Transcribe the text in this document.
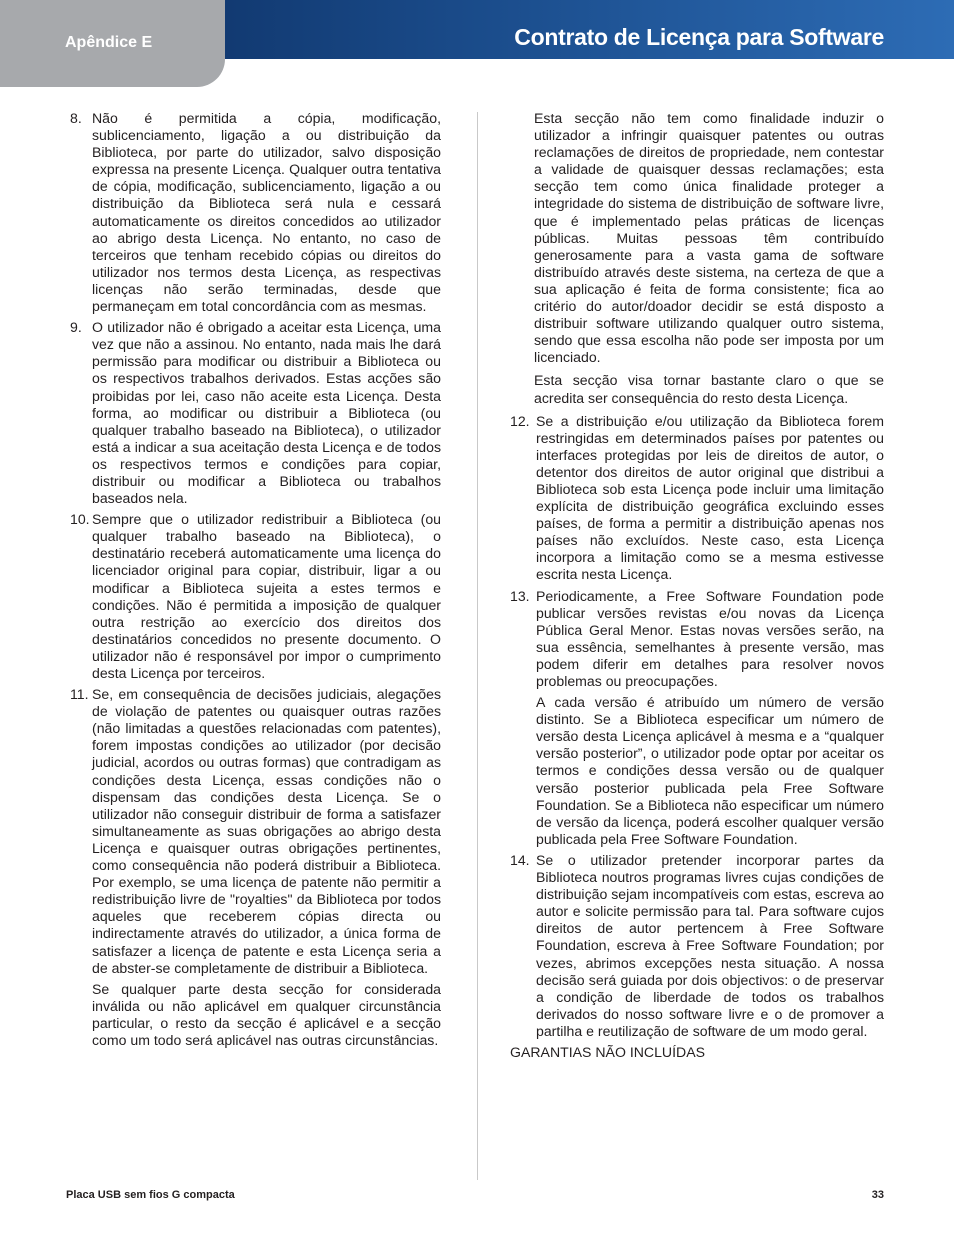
Apêndice E	Contrato de Licença para Software
8. Não é permitida a cópia, modificação, sublicenciamento, ligação a ou distribuição da Biblioteca, por parte do utilizador, salvo disposição expressa na presente Licença. Qualquer outra tentativa de cópia, modificação, sublicenciamento, ligação a ou distribuição da Biblioteca será nula e cessará automaticamente os direitos concedidos ao utilizador ao abrigo desta Licença. No entanto, no caso de terceiros que tenham recebido cópias ou direitos do utilizador nos termos desta Licença, as respectivas licenças não serão terminadas, desde que permaneçam em total concordância com as mesmas.

9. O utilizador não é obrigado a aceitar esta Licença, uma vez que não a assinou. No entanto, nada mais lhe dará permissão para modificar ou distribuir a Biblioteca ou os respectivos trabalhos derivados. Estas acções são proibidas por lei, caso não aceite esta Licença. Desta forma, ao modificar ou distribuir a Biblioteca (ou qualquer trabalho baseado na Biblioteca), o utilizador está a indicar a sua aceitação desta Licença e de todos os respectivos termos e condições para copiar, distribuir ou modificar a Biblioteca ou trabalhos baseados nela.

10. Sempre que o utilizador redistribuir a Biblioteca (ou qualquer trabalho baseado na Biblioteca), o destinatário receberá automaticamente uma licença do licenciador original para copiar, distribuir, ligar a ou modificar a Biblioteca sujeita a estes termos e condições. Não é permitida a imposição de qualquer outra restrição ao exercício dos direitos dos destinatários concedidos no presente documento. O utilizador não é responsável por impor o cumprimento desta Licença por terceiros.

11. Se, em consequência de decisões judiciais, alegações de violação de patentes ou quaisquer outras razões (não limitadas a questões relacionadas com patentes), forem impostas condições ao utilizador (por decisão judicial, acordos ou outras formas) que contradigam as condições desta Licença, essas condições não o dispensam das condições desta Licença. Se o utilizador não conseguir distribuir de forma a satisfazer simultaneamente as suas obrigações ao abrigo desta Licença e quaisquer outras obrigações pertinentes, como consequência não poderá distribuir a Biblioteca. Por exemplo, se uma licença de patente não permitir a redistribuição livre de "royalties" da Biblioteca por todos aqueles que receberem cópias directa ou indirectamente através do utilizador, a única forma de satisfazer a licença de patente e esta Licença seria a de abster-se completamente de distribuir a Biblioteca.

Se qualquer parte desta secção for considerada inválida ou não aplicável em qualquer circunstância particular, o resto da secção é aplicável e a secção como um todo será aplicável nas outras circunstâncias.

Esta secção não tem como finalidade induzir o utilizador a infringir quaisquer patentes ou outras reclamações de direitos de propriedade, nem contestar a validade de quaisquer dessas reclamações; esta secção tem como única finalidade proteger a integridade do sistema de distribuição de software livre, que é implementado pelas práticas de licenças públicas. Muitas pessoas têm contribuído generosamente para a vasta gama de software distribuído através deste sistema, na certeza de que a sua aplicação é feita de forma consistente; fica ao critério do autor/doador decidir se está disposto a distribuir software utilizando qualquer outro sistema, sendo que essa escolha não pode ser imposta por um licenciado.

Esta secção visa tornar bastante claro o que se acredita ser consequência do resto desta Licença.

12. Se a distribuição e/ou utilização da Biblioteca forem restringidas em determinados países por patentes ou interfaces protegidas por leis de direitos de autor, o detentor dos direitos de autor original que distribui a Biblioteca sob esta Licença pode incluir uma limitação explícita de distribuição geográfica excluindo esses países, de forma a permitir a distribuição apenas nos países não excluídos. Neste caso, esta Licença incorpora a limitação como se a mesma estivesse escrita nesta Licença.

13. Periodicamente, a Free Software Foundation pode publicar versões revistas e/ou novas da Licença Pública Geral Menor. Estas novas versões serão, na sua essência, semelhantes à presente versão, mas podem diferir em detalhes para resolver novos problemas ou preocupações.

A cada versão é atribuído um número de versão distinto. Se a Biblioteca especificar um número de versão desta Licença aplicável à mesma e a “qualquer versão posterior”, o utilizador pode optar por aceitar os termos e condições dessa versão ou de qualquer versão posterior publicada pela Free Software Foundation. Se a Biblioteca não especificar um número de versão da licença, poderá escolher qualquer versão publicada pela Free Software Foundation.

14. Se o utilizador pretender incorporar partes da Biblioteca noutros programas livres cujas condições de distribuição sejam incompatíveis com estas, escreva ao autor e solicite permissão para tal. Para software cujos direitos de autor pertencem à Free Software Foundation, escreva à Free Software Foundation; por vezes, abrimos excepções nesta situação. A nossa decisão será guiada por dois objectivos: o de preservar a condição de liberdade de todos os trabalhos derivados do nosso software livre e o de promover a partilha e reutilização de software de um modo geral.

GARANTIAS NÃO INCLUÍDAS

Placa USB sem fios G compacta	33
